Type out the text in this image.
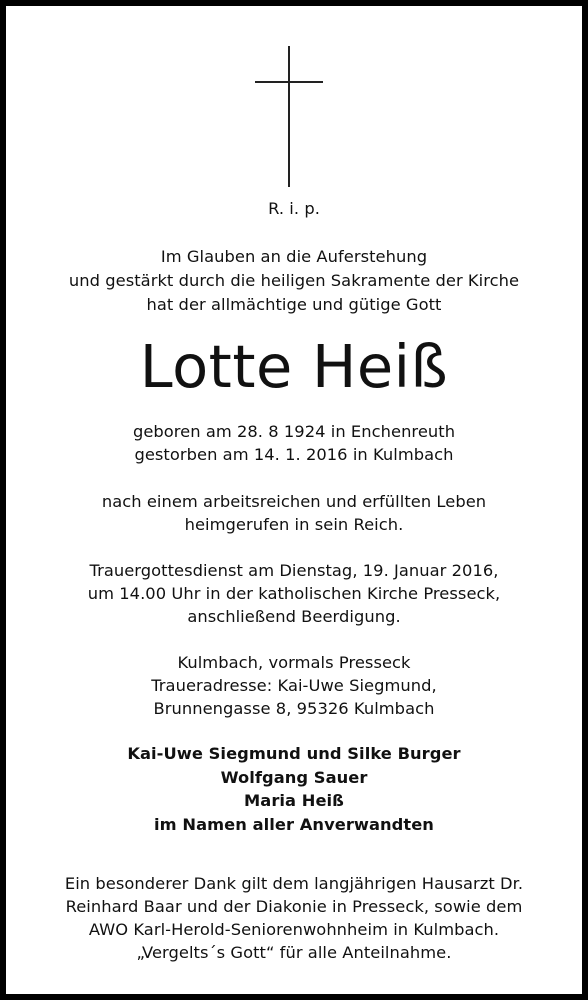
R. i. p.
Im Glauben an die Auferstehung
und gestärkt durch die heiligen Sakramente der Kirche
hat der allmächtige und gütige Gott
Lotte Heiß
geboren am 28. 8 1924 in Enchenreuth
gestorben am 14. 1. 2016 in Kulmbach
nach einem arbeitsreichen und erfüllten Leben
heimgerufen in sein Reich.
Trauergottesdienst am Dienstag, 19. Januar 2016,
um 14.00 Uhr in der katholischen Kirche Presseck,
anschließend Beerdigung.
Kulmbach, vormals Presseck
Traueradresse: Kai-Uwe Siegmund,
Brunnengasse 8, 95326 Kulmbach
Kai-Uwe Siegmund und Silke Burger
Wolfgang Sauer
Maria Heiß
im Namen aller Anverwandten
Ein besonderer Dank gilt dem langjährigen Hausarzt Dr.
Reinhard Baar und der Diakonie in Presseck, sowie dem
AWO Karl-Herold-Seniorenwohnheim in Kulmbach.
„Vergelts´s Gott“ für alle Anteilnahme.
